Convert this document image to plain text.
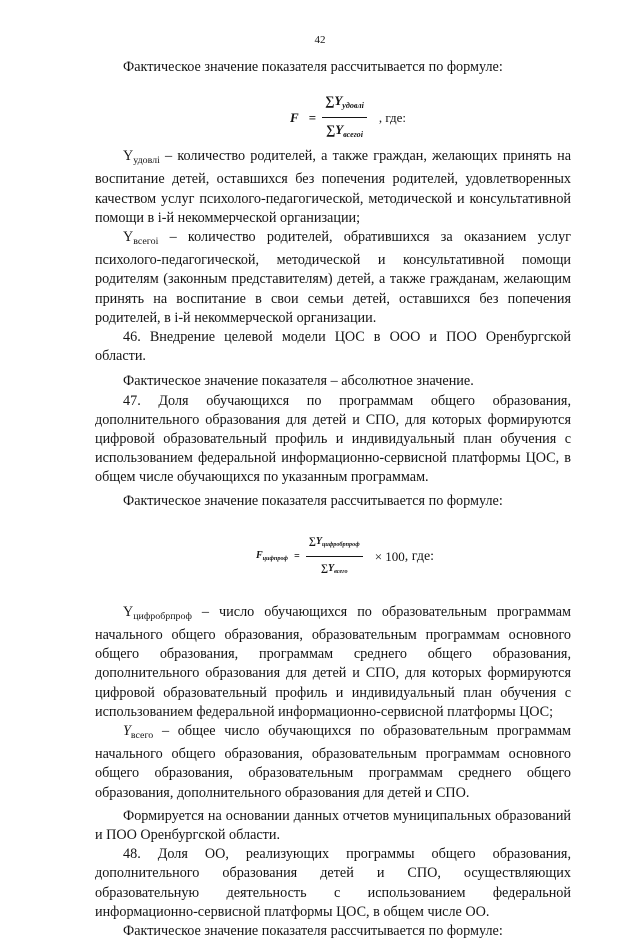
42

Фактическое значение показателя рассчитывается по формуле:

$F = \frac{\sum Y_{удовлі}}{\sum Y_{всегоі}}$ , где:

$Y_{удовлi}$ – количество родителей, а также граждан, желающих принять на воспитание детей, оставшихся без попечения родителей, удовлетворенных качеством услуг психолого-педагогической, методической и консультативной помощи в i-й некоммерческой организации;

$Y_{всегоi}$ – количество родителей, обратившихся за оказанием услуг психолого-педагогической, методической и консультативной помощи родителям (законным представителям) детей, а также гражданам, желающим принять на воспитание в свои семьи детей, оставшихся без попечения родителей, в i-й некоммерческой организации.

46. Внедрение целевой модели ЦОС в ООО и ПОО Оренбургской области.

Фактическое значение показателя – абсолютное значение.

47. Доля обучающихся по программам общего образования, дополнительного образования для детей и СПО, для которых формируются цифровой образовательный профиль и индивидуальный план обучения с использованием федеральной информационно-сервисной платформы ЦОС, в общем числе обучающихся по указанным программам.

Фактическое значение показателя рассчитывается по формуле:

$F_{цифпроф} = \frac{\sum Y_{цифробрпроф}}{\sum Y_{всего}} \times 100$ , где:

$Y_{цифробрпроф}$ – число обучающихся по образовательным программам начального общего образования, образовательным программам основного общего образования, программам среднего общего образования, дополнительного образования для детей и СПО, для которых формируются цифровой образовательный профиль и индивидуальный план обучения с использованием федеральной информационно-сервисной платформы ЦОС;

$Y_{всего}$ – общее число обучающихся по образовательным программам начального общего образования, образовательным программам основного общего образования, образовательным программам среднего общего образования, дополнительного образования для детей и СПО.

Формируется на основании данных отчетов муниципальных образований и ПОО Оренбургской области.

48. Доля ОО, реализующих программы общего образования, дополнительного образования детей и СПО, осуществляющих образовательную деятельность с использованием федеральной информационно-сервисной платформы ЦОС, в общем числе ОО.

Фактическое значение показателя рассчитывается по формуле:
